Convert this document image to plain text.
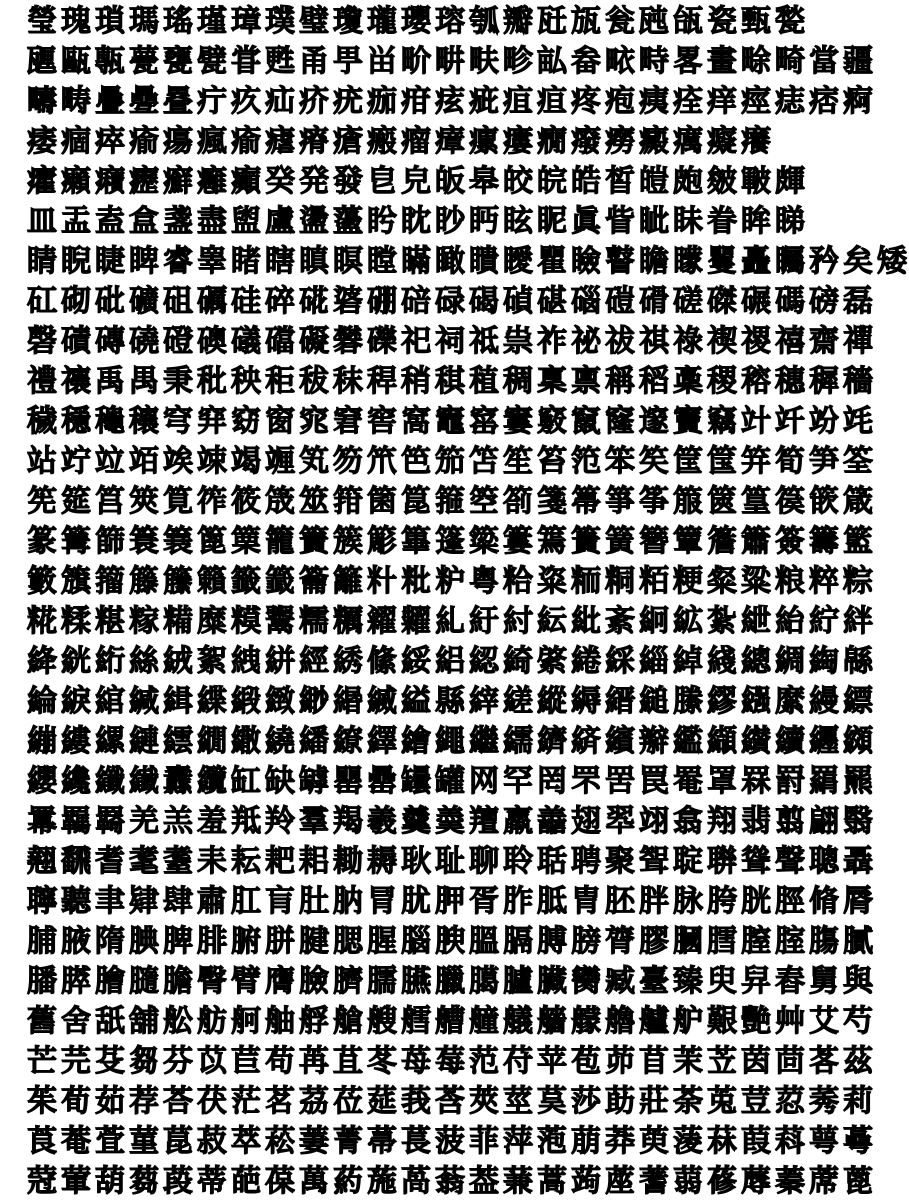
瑩 瑰 瑣 瑪 瑤 瑾 璋 璞 璧 瓊 瓏 瓔 瑢 瓠 瓣 瓩 瓬 瓮 瓲 瓵 瓷 甄 甃
甅 甌 甎 甍 甕 甓 甞 甦 甬 甼 畄 畍 畊 畉 畛 畆 畚 畩 畤 畧 畫 畭 畸 當 疆
疇 畴 疊 疉 疂 疔 疚 疝 疥 疣 痂 疳 痃 疵 疽 疸 疼 疱 痍 痊 痒 痙 痣 痞 痾
痿 痼 瘁 瘉 瘍 瘋 瘉 瘧 瘠 瘡 瘢 瘤 瘴 瘰 瘻 癇 癈 癆 癜 癘 癡 癢
癨 癩 癪 癧 癬 癰 癲 癸 発 發 皀 皃 皈 皋 皎 皖 皓 皙 皚 皰 皴 皸 皹
皿 盂 盍 盒 盞 盡 盥 盧 盪 蘯 盻 眈 眇 眄 眩 眤 眞 眥 眦 眛 眷 眸 睇
睛 睨 睫 睥 睿 睾 睹 瞎 瞋 瞑 瞠 瞞 瞰 瞶 瞹 瞿 瞼 瞽 瞻 矇 矍 矗 矚 矜 矣 矮
矼 砌 砒 礦 砠 礪 硅 碎 硴 碆 硼 碚 碌 碣 碵 碪 碯 磑 磆 磋 磔 碾 碼 磅 磊
磬 磧 磚 磽 磴 礇 礒 礑 礙 礬 礫 祀 祠 祗 祟 祚 祕 祓 祺 祿 禊 禝 禧 齋 禪
禮 禳 禹 禺 秉 秕 秧 秬 秡 秣 稈 稍 稘 稙 稠 稟 禀 稱 稻 稾 稷 穃 穗 穉 穡
穢 穩 龝 穰 穹 穽 窈 窗 窕 窘 窖 窩 竈 窰 窶 竅 竄 窿 邃 竇 竊 竍 竏 竕 竓
站 竚 竝 竡 竢 竦 竭 竰 笂 笏 笊 笆 笳 笘 笙 笞 笵 笨 笶 筐 筺 笄 筍 笋 筌
筅 筵 筥 筴 筧 筰 筱 筬 筮 箝 箘 箟 箍 箜 箚 箋 箒 箏 筝 箙 篋 篁 篌 篏 箴
篆 篝 篩 簑 簔 篦 篥 籠 簀 簇 簓 篳 篷 簗 簍 篶 簣 簧 簪 簟 簷 簫 簽 籌 籃
籔 籏 籀 籐 籘 籟 籤 籖 籥 籬 籵 粃 粐 粤 粭 粢 粫 粡 粨 粳 粲 粱 粮 粹 粽
糀 糅 糂 糘 糒 糜 糢 鬻 糯 糲 糴 糶 糺 紆 紂 紜 紕 紊 絅 絋 紮 紲 紿 紵 絆
絳 絖 絎 絲 絨 絮 絏 絣 經 綉 絛 綏 絽 綛 綺 綮 綣 綵 緇 綽 綫 總 綢 綯 緜
綸 綟 綰 緘 緝 緤 緞 緻 緲 緡 縅 縊 縣 縡 縒 縱 縟 縉 縋 縢 繆 繦 縻 縵 縹
繃 縷 縲 縺 繧 繝 繖 繞 繙 繚 繹 繪 繩 繼 繻 纃 緕 繽 辮 繿 纈 纉 續 纒 纐
纓 纔 纖 纎 纛 纜 缸 缺 罅 罌 罍 罎 罐 网 罕 罔 罘 罟 罠 罨 罩 罧 罸 羂 羆
羃 羈 羇 羌 羔 羞 羝 羚 羣 羯 羲 羹 羮 羶 羸 譱 翅 翆 翊 翕 翔 翡 翦 翩 翳
翹 飜 耆 耄 耋 耒 耘 耙 耜 耡 耨 耿 耻 聊 聆 聒 聘 聚 聟 聢 聨 聳 聲 聰 聶
聹 聽 聿 肄 肆 肅 肛 肓 肚 肭 冐 肬 胛 胥 胙 胝 胄 胚 胖 脉 胯 胱 脛 脩 脣
脯 腋 隋 腆 脾 腓 腑 胼 腱 腮 腥 腦 腴 膃 膈 膊 膀 膂 膠 膕 膤 膣 腟 膓 膩
膰 膵 膾 膸 膽 臀 臂 膺 臉 臍 臑 臙 臘 臈 臚 臟 臠 臧 臺 臻 臾 舁 舂 舅 與
舊 舍 舐 舖 舩 舫 舸 舳 艀 艙 艘 艝 艚 艟 艤 艢 艨 艪 艫 舮 艱 艷 艸 艾 芍
芒 芫 芟 芻 芬 苡 苣 苟 苒 苴 苳 苺 莓 范 苻 苹 苞 茆 苜 茉 苙 茵 茴 茖 茲
茱 荀 茹 荐 荅 茯 茫 茗 茘 莅 莚 莪 莟 莢 莖 茣 莎 莇 莊 荼 莵 荳 荵 莠 莉
莨 菴 萓 菫 菎 菽 萃 菘 萋 菁 菷 萇 菠 菲 萍 萢 萠 莽 萸 蔆 菻 葭 萪 萼 蕚
蒄 葷 葫 蒭 葮 蒂 葩 葆 萬 葯 葹 萵 蓊 葢 蒹 蒿 蒟 蓙 蓍 蒻 蓚 蓐 蓁 蓆 蓖
